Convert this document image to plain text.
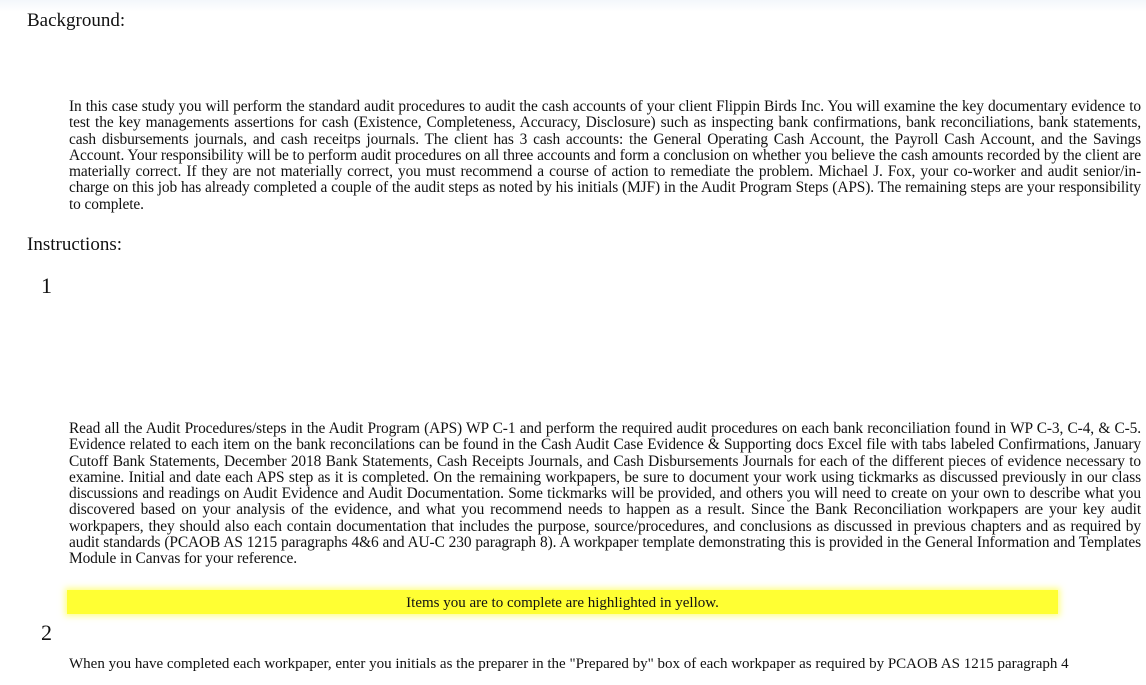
Background:

In this case study you will perform the standard audit procedures to audit the cash accounts of your client Flippin Birds Inc. You will examine the key documentary evidence to test the key managements assertions for cash (Existence, Completeness, Accuracy, Disclosure) such as inspecting bank confirmations, bank reconciliations, bank statements, cash disbursements journals, and cash receitps journals. The client has 3 cash accounts: the General Operating Cash Account, the Payroll Cash Account, and the Savings Account. Your responsibility will be to perform audit procedures on all three accounts and form a conclusion on whether you believe the cash amounts recorded by the client are materially correct. If they are not materially correct, you must recommend a course of action to remediate the problem. Michael J. Fox, your co-worker and audit senior/in-charge on this job has already completed a couple of the audit steps as noted by his initials (MJF) in the Audit Program Steps (APS). The remaining steps are your responsibility to complete.

Instructions:
1

Read all the Audit Procedures/steps in the Audit Program (APS) WP C-1 and perform the required audit procedures on each bank reconciliation found in WP C-3, C-4, & C-5. Evidence related to each item on the bank reconcilations can be found in the Cash Audit Case Evidence & Supporting docs Excel file with tabs labeled Confirmations, January Cutoff Bank Statements, December 2018 Bank Statements, Cash Receipts Journals, and Cash Disbursements Journals for each of the different pieces of evidence necessary to examine. Initial and date each APS step as it is completed. On the remaining workpapers, be sure to document your work using tickmarks as discussed previously in our class discussions and readings on Audit Evidence and Audit Documentation. Some tickmarks will be provided, and others you will need to create on your own to describe what you discovered based on your analysis of the evidence, and what you recommend needs to happen as a result. Since the Bank Reconciliation workpapers are your key audit workpapers, they should also each contain documentation that includes the purpose, source/procedures, and conclusions as discussed in previous chapters and as required by audit standards (PCAOB AS 1215 paragraphs 4&6 and AU-C 230 paragraph 8). A workpaper template demonstrating this is provided in the General Information and Templates Module in Canvas for your reference.

Items you are to complete are highlighted in yellow.
2
When you have completed each workpaper, enter you initials as the preparer in the "Prepared by" box of each workpaper as required by PCAOB AS 1215 paragraph 4
